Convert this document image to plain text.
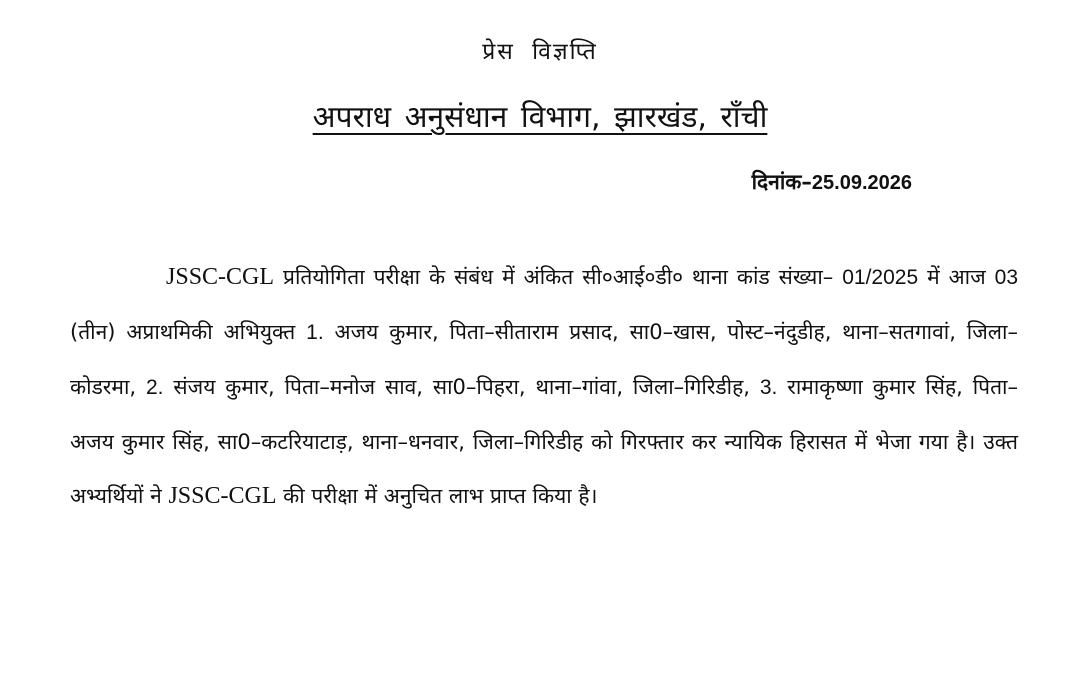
प्रेस विज्ञप्ति
अपराध अनुसंधान विभाग, झारखंड, राँची
दिनांक–25.09.2026
JSSC-CGL प्रतियोगिता परीक्षा के संबंध में अंकित सी०आई०डी० थाना कांड संख्या– 01/2025 में आज 03 (तीन) अप्राथमिकी अभियुक्त 1. अजय कुमार, पिता–सीताराम प्रसाद, सा0–खास, पोस्ट–नंदुडीह, थाना–सतगावां, जिला–कोडरमा, 2. संजय कुमार, पिता–मनोज साव, सा0–पिहरा, थाना–गांवा, जिला–गिरिडीह, 3. रामाकृष्णा कुमार सिंह, पिता–अजय कुमार सिंह, सा0–कटरियाटाड़, थाना–धनवार, जिला–गिरिडीह को गिरफ्तार कर न्यायिक हिरासत में भेजा गया है। उक्त अभ्यर्थियों ने JSSC-CGL की परीक्षा में अनुचित लाभ प्राप्त किया है।
